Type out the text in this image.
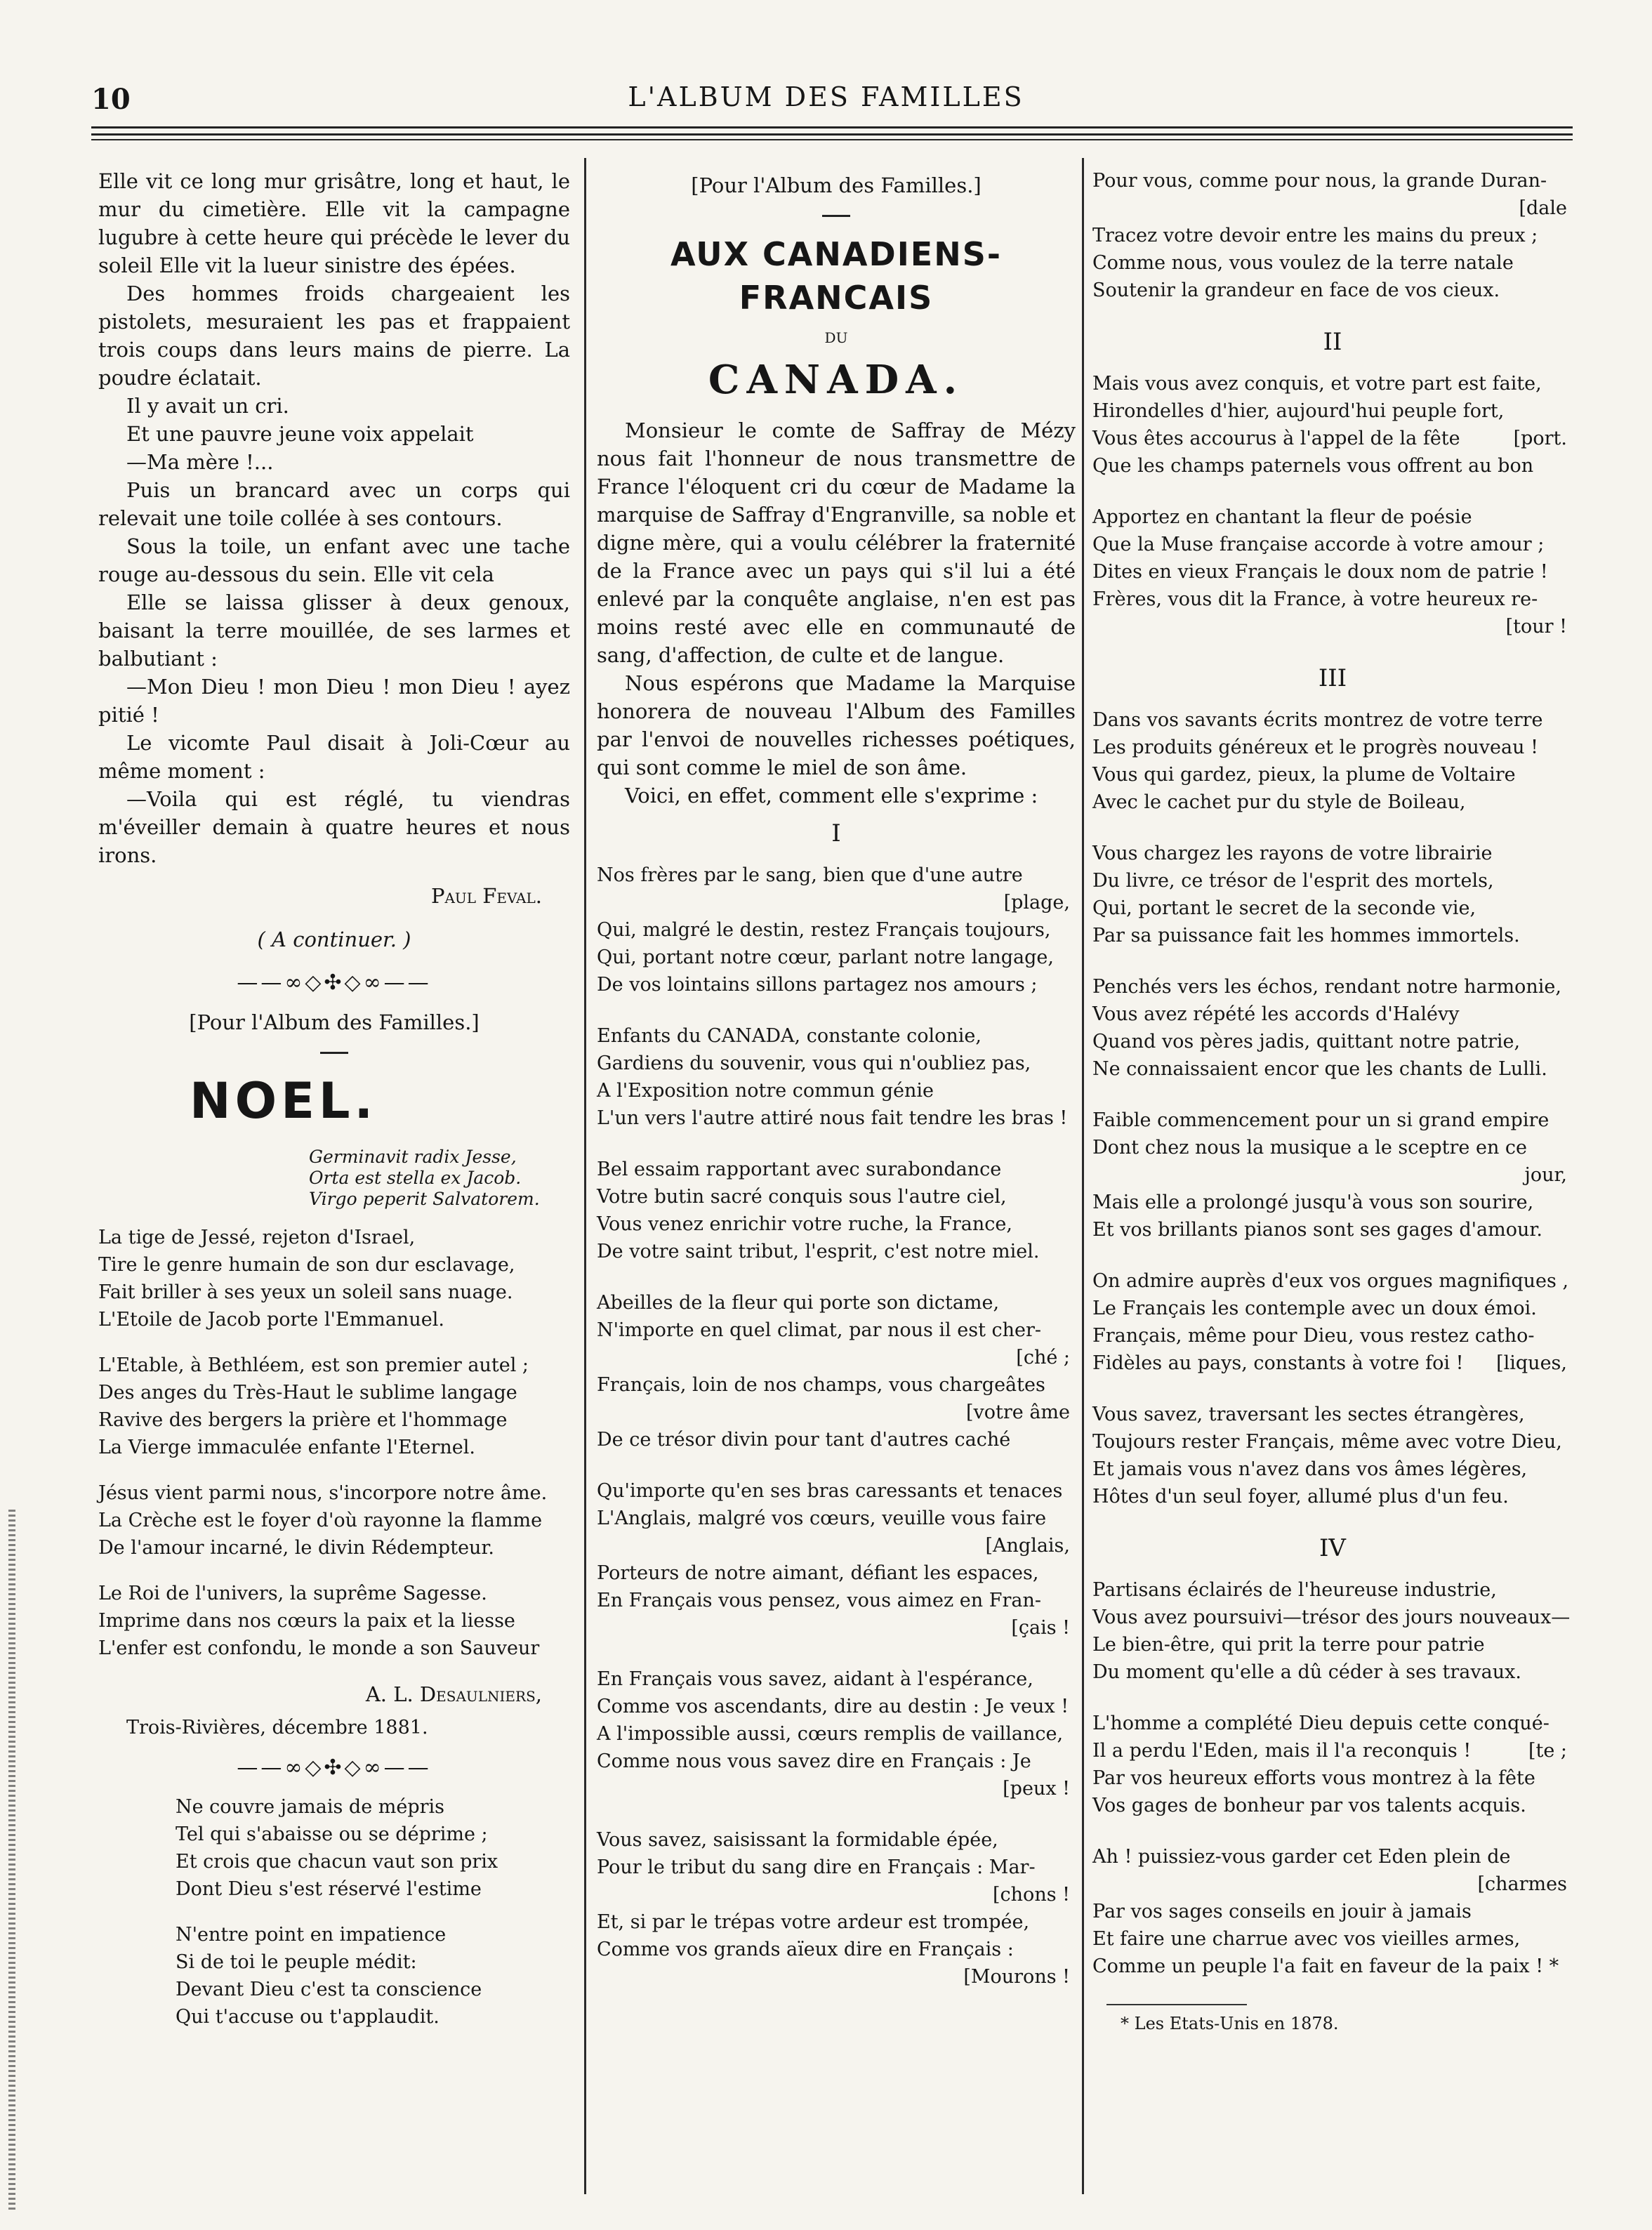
10	L'ALBUM DES FAMILLES

Elle vit ce long mur grisâtre, long et haut, le mur du cimetière. Elle vit la campagne lugubre à cette heure qui précède le lever du soleil Elle vit la lueur sinistre des épées.

Des hommes froids chargeaient les pistolets, mesuraient les pas et frappaient trois coups dans leurs mains de pierre. La poudre éclatait.

Il y avait un cri.

Et une pauvre jeune voix appelait

—Ma mère !...

Puis un brancard avec un corps qui relevait une toile collée à ses contours.

Sous la toile, un enfant avec une tache rouge au-dessous du sein. Elle vit cela

Elle se laissa glisser à deux genoux, baisant la terre mouillée, de ses larmes et balbutiant :

—Mon Dieu ! mon Dieu ! mon Dieu ! ayez pitié !

Le vicomte Paul disait à Joli-Cœur au même moment :

—Voila qui est réglé, tu viendras m'éveiller demain à quatre heures et nous irons.

Paul Feval.
( A continuer. )
——∞◇✣◇∞——
[Pour l'Album des Familles.]
NOEL.
Germinavit radix Jesse,
Orta est stella ex Jacob.
Virgo peperit Salvatorem.
La tige de Jessé, rejeton d'Israel,
Tire le genre humain de son dur esclavage,
Fait briller à ses yeux un soleil sans nuage.
L'Etoile de Jacob porte l'Emmanuel.
L'Etable, à Bethléem, est son premier autel ;
Des anges du Très-Haut le sublime langage
Ravive des bergers la prière et l'hommage
La Vierge immaculée enfante l'Eternel.
Jésus vient parmi nous, s'incorpore notre âme.
La Crèche est le foyer d'où rayonne la flamme
De l'amour incarné, le divin Rédempteur.
Le Roi de l'univers, la suprême Sagesse.
Imprime dans nos cœurs la paix et la liesse
L'enfer est confondu, le monde a son Sauveur
A. L. Desaulniers,
Trois-Rivières, décembre 1881.
——∞◇✣◇∞——
Ne couvre jamais de mépris
Tel qui s'abaisse ou se déprime ;
Et crois que chacun vaut son prix
Dont Dieu s'est réservé l'estime
N'entre point en impatience
Si de toi le peuple médit:
Devant Dieu c'est ta conscience
Qui t'accuse ou t'applaudit.
[Pour l'Album des Familles.]
AUX CANADIENS-FRANCAIS
DU
CANADA.

Monsieur le comte de Saffray de Mézy nous fait l'honneur de nous transmettre de France l'éloquent cri du cœur de Madame la marquise de Saffray d'Engranville, sa noble et digne mère, qui a voulu célébrer la fraternité de la France avec un pays qui s'il lui a été enlevé par la conquête anglaise, n'en est pas moins resté avec elle en communauté de sang, d'affection, de culte et de langue.

Nous espérons que Madame la Marquise honorera de nouveau l'Album des Familles par l'envoi de nouvelles richesses poétiques, qui sont comme le miel de son âme.

Voici, en effet, comment elle s'exprime :

I
Nos frères par le sang, bien que d'une autre
[plage,
Qui, malgré le destin, restez Français toujours,
Qui, portant notre cœur, parlant notre langage,
De vos lointains sillons partagez nos amours ;
Enfants du CANADA, constante colonie,
Gardiens du souvenir, vous qui n'oubliez pas,
A l'Exposition notre commun génie
L'un vers l'autre attiré nous fait tendre les bras !
Bel essaim rapportant avec surabondance
Votre butin sacré conquis sous l'autre ciel,
Vous venez enrichir votre ruche, la France,
De votre saint tribut, l'esprit, c'est notre miel.
Abeilles de la fleur qui porte son dictame,
N'importe en quel climat, par nous il est cher-
[ché ;
Français, loin de nos champs, vous chargeâtes
[votre âme
De ce trésor divin pour tant d'autres caché
Qu'importe qu'en ses bras caressants et tenaces
L'Anglais, malgré vos cœurs, veuille vous faire
[Anglais,
Porteurs de notre aimant, défiant les espaces,
En Français vous pensez, vous aimez en Fran-
[çais !
En Français vous savez, aidant à l'espérance,
Comme vos ascendants, dire au destin : Je veux !
A l'impossible aussi, cœurs remplis de vaillance,
Comme nous vous savez dire en Français : Je
[peux !
Vous savez, saisissant la formidable épée,
Pour le tribut du sang dire en Français : Mar-
[chons !
Et, si par le trépas votre ardeur est trompée,
Comme vos grands aïeux dire en Français :
[Mourons !
Pour vous, comme pour nous, la grande Duran-
[dale
Tracez votre devoir entre les mains du preux ;
Comme nous, vous voulez de la terre natale
Soutenir la grandeur en face de vos cieux.
II
Mais vous avez conquis, et votre part est faite,
Hirondelles d'hier, aujourd'hui peuple fort,
Vous êtes accourus à l'appel de la fête	[port.
Que les champs paternels vous offrent au bon
Apportez en chantant la fleur de poésie
Que la Muse française accorde à votre amour ;
Dites en vieux Français le doux nom de patrie !
Frères, vous dit la France, à votre heureux re-
[tour !
III
Dans vos savants écrits montrez de votre terre
Les produits généreux et le progrès nouveau !
Vous qui gardez, pieux, la plume de Voltaire
Avec le cachet pur du style de Boileau,
Vous chargez les rayons de votre librairie
Du livre, ce trésor de l'esprit des mortels,
Qui, portant le secret de la seconde vie,
Par sa puissance fait les hommes immortels.
Penchés vers les échos, rendant notre harmonie,
Vous avez répété les accords d'Halévy
Quand vos pères jadis, quittant notre patrie,
Ne connaissaient encor que les chants de Lulli.
Faible commencement pour un si grand empire
Dont chez nous la musique a le sceptre en ce
jour,
Mais elle a prolongé jusqu'à vous son sourire,
Et vos brillants pianos sont ses gages d'amour.
On admire auprès d'eux vos orgues magnifiques ,
Le Français les contemple avec un doux émoi.
Français, même pour Dieu, vous restez catho-
Fidèles au pays, constants à votre foi ! [liques,
Vous savez, traversant les sectes étrangères,
Toujours rester Français, même avec votre Dieu,
Et jamais vous n'avez dans vos âmes légères,
Hôtes d'un seul foyer, allumé plus d'un feu.
IV
Partisans éclairés de l'heureuse industrie,
Vous avez poursuivi—trésor des jours nouveaux—
Le bien-être, qui prit la terre pour patrie
Du moment qu'elle a dû céder à ses travaux.
L'homme a complété Dieu depuis cette conqué-
Il a perdu l'Eden, mais il l'a reconquis !	[te ;
Par vos heureux efforts vous montrez à la fête
Vos gages de bonheur par vos talents acquis.
Ah ! puissiez-vous garder cet Eden plein de
[charmes
Par vos sages conseils en jouir à jamais
Et faire une charrue avec vos vieilles armes,
Comme un peuple l'a fait en faveur de la paix ! *
* Les Etats-Unis en 1878.
